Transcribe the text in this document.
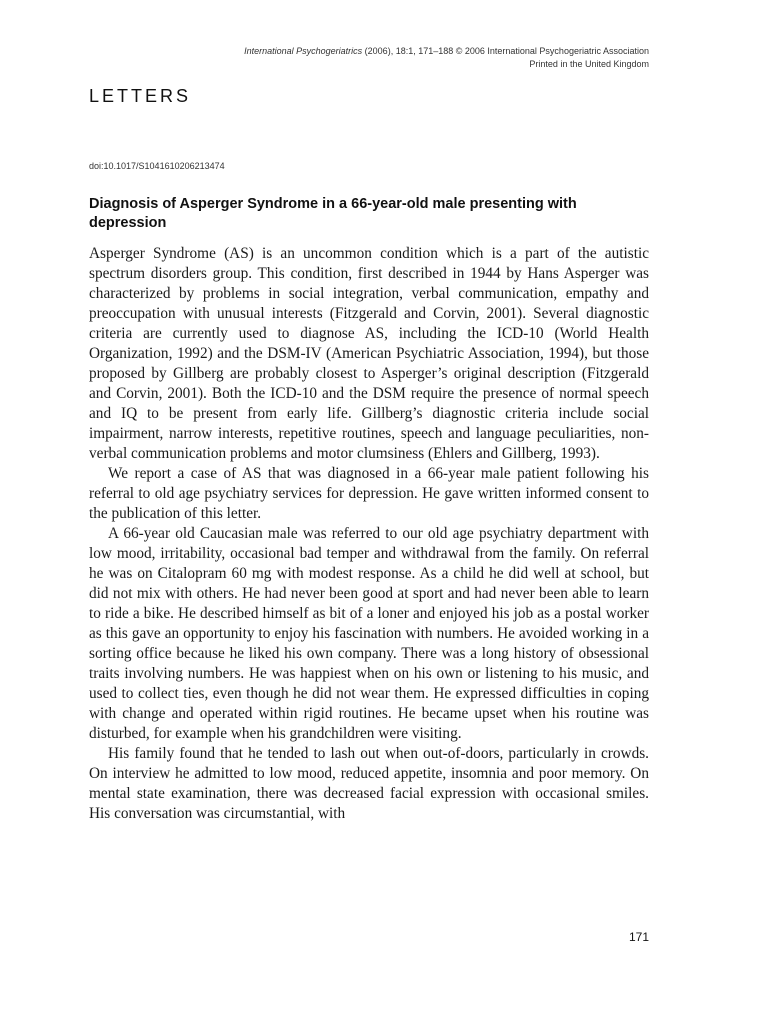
International Psychogeriatrics (2006), 18:1, 171–188 © 2006 International Psychogeriatric Association
Printed in the United Kingdom
LETTERS
doi:10.1017/S1041610206213474
Diagnosis of Asperger Syndrome in a 66-year-old male presenting with depression

Asperger Syndrome (AS) is an uncommon condition which is a part of the autistic spectrum disorders group. This condition, first described in 1944 by Hans Asperger was characterized by problems in social integration, verbal communication, empathy and preoccupation with unusual interests (Fitzgerald and Corvin, 2001). Several diagnostic criteria are currently used to diagnose AS, including the ICD-10 (World Health Organization, 1992) and the DSM-IV (American Psychiatric Association, 1994), but those proposed by Gillberg are probably closest to Asperger’s original description (Fitzgerald and Corvin, 2001). Both the ICD-10 and the DSM require the presence of normal speech and IQ to be present from early life. Gillberg’s diagnostic criteria include social impairment, narrow interests, repetitive routines, speech and language peculiarities, non-verbal communication problems and motor clumsiness (Ehlers and Gillberg, 1993).

We report a case of AS that was diagnosed in a 66-year male patient following his referral to old age psychiatry services for depression. He gave written informed consent to the publication of this letter.

A 66-year old Caucasian male was referred to our old age psychiatry department with low mood, irritability, occasional bad temper and withdrawal from the family. On referral he was on Citalopram 60 mg with modest response. As a child he did well at school, but did not mix with others. He had never been good at sport and had never been able to learn to ride a bike. He described himself as bit of a loner and enjoyed his job as a postal worker as this gave an opportunity to enjoy his fascination with numbers. He avoided working in a sorting office because he liked his own company. There was a long history of obsessional traits involving numbers. He was happiest when on his own or listening to his music, and used to collect ties, even though he did not wear them. He expressed difficulties in coping with change and operated within rigid routines. He became upset when his routine was disturbed, for example when his grandchildren were visiting.

His family found that he tended to lash out when out-of-doors, particularly in crowds. On interview he admitted to low mood, reduced appetite, insomnia and poor memory. On mental state examination, there was decreased facial expression with occasional smiles. His conversation was circumstantial, with

171
